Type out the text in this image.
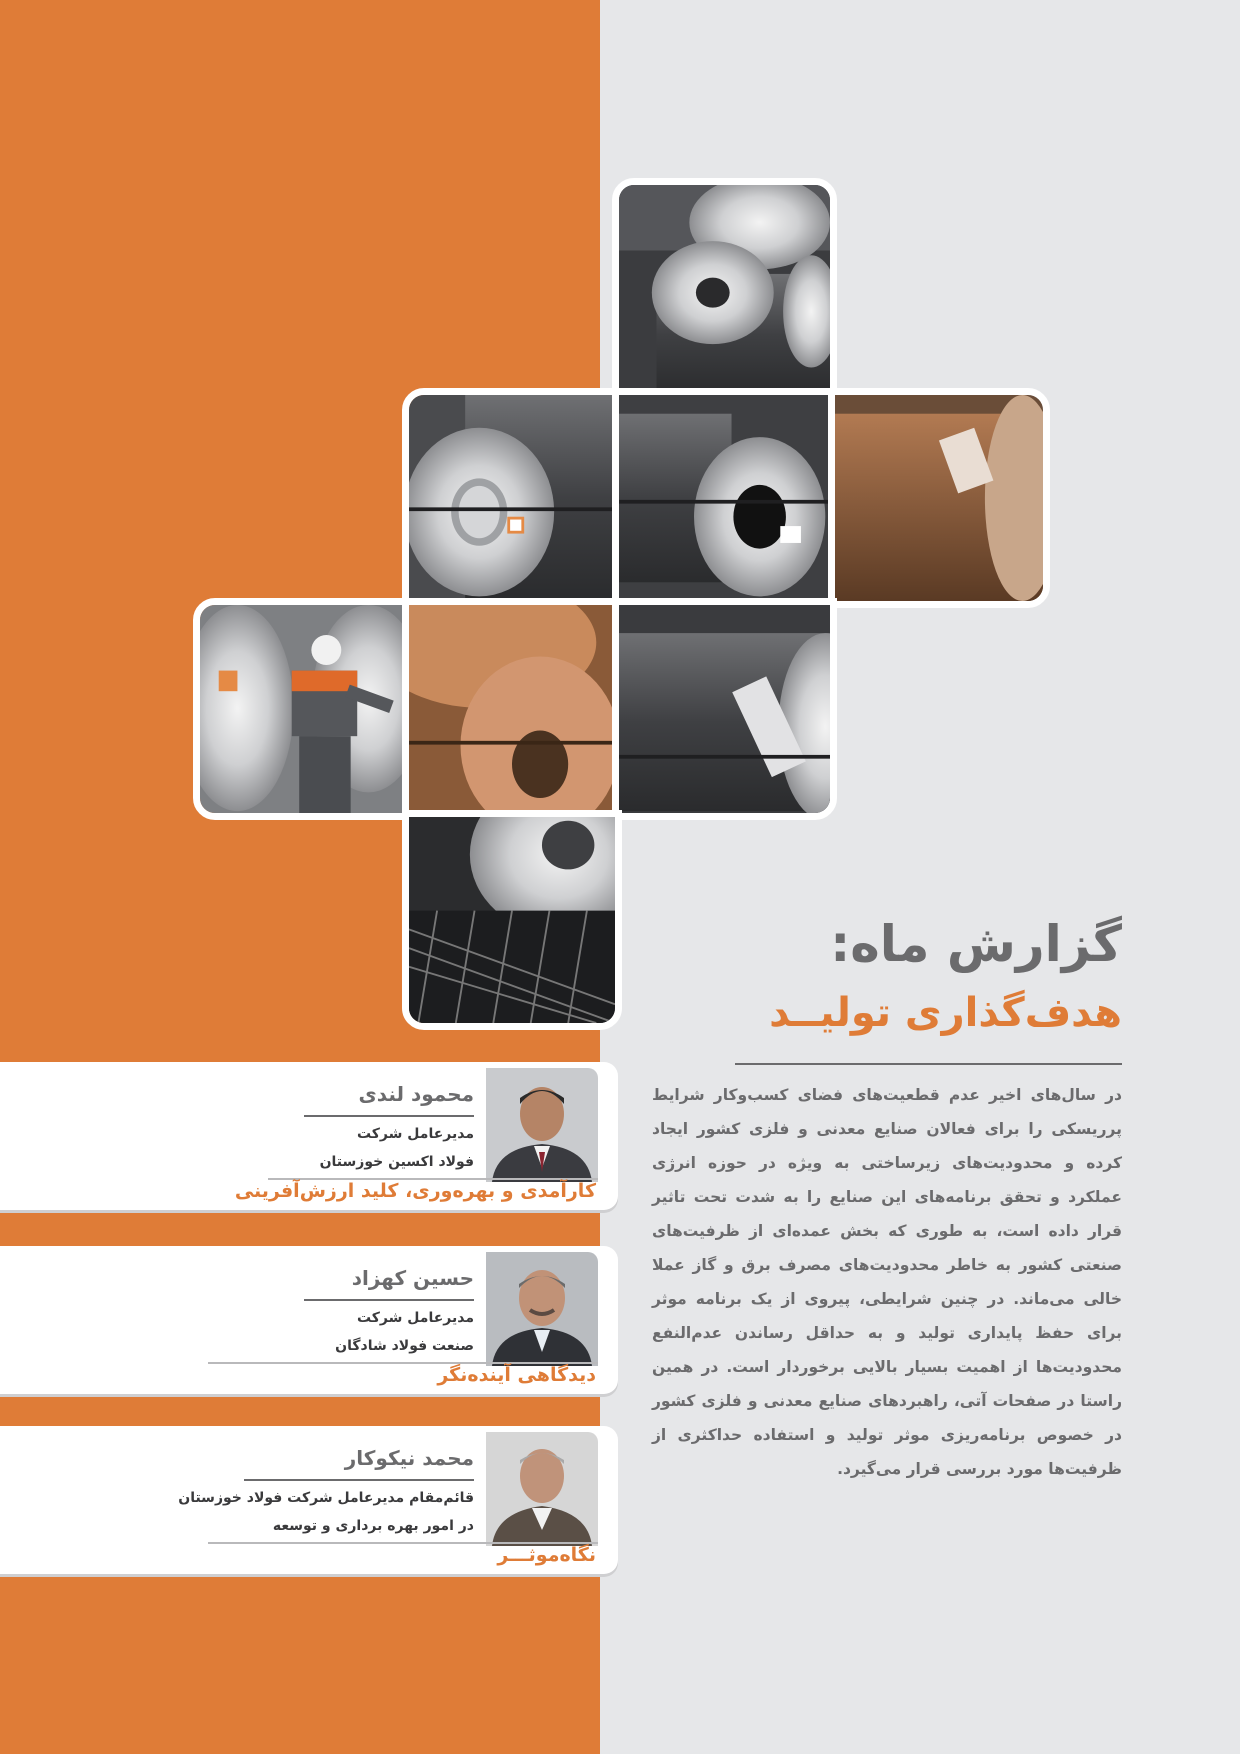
گزارش ماه:
هدف‌گذاری تولیــد
در سال‌های اخیر عدم قطعیت‌های فضای کسب‌وکار شرایط پرریسکی را برای فعالان صنایع معدنی و فلزی کشور ایجاد کرده و محدودیت‌های زیرساختی به ویژه در حوزه انرژی عملکرد و تحقق برنامه‌های این صنایع را به شدت تحت تاثیر قرار داده است، به طوری که بخش عمده‌ای از ظرفیت‌های صنعتی کشور به خاطر محدودیت‌های مصرف برق و گاز عملا خالی می‌ماند. در چنین شرایطی، پیروی از یک برنامه موثر برای حفظ پایداری تولید و به حداقل رساندن عدم‌النفع محدودیت‌ها از اهمیت بسیار بالایی برخوردار است. در همین راستا در صفحات آتی، راهبردهای صنایع معدنی و فلزی کشور در خصوص برنامه‌ریزی موثر تولید و استفاده حداکثری از ظرفیت‌ها مورد بررسی قرار می‌گیرد.
محمود لندی
مدیرعامل شرکت
فولاد اکسین خوزستان
کارآمدی و بهره‌وری، کلید ارزش‌آفرینی
حسین کهزاد
مدیرعامل شرکت
صنعت فولاد شادگان
دیدگاهی آینده‌نگر
محمد نیکوکار
قائم‌مقام مدیرعامل شرکت فولاد خوزستان
در امور بهره برداری و توسعه
نگاه‌موثـــر
